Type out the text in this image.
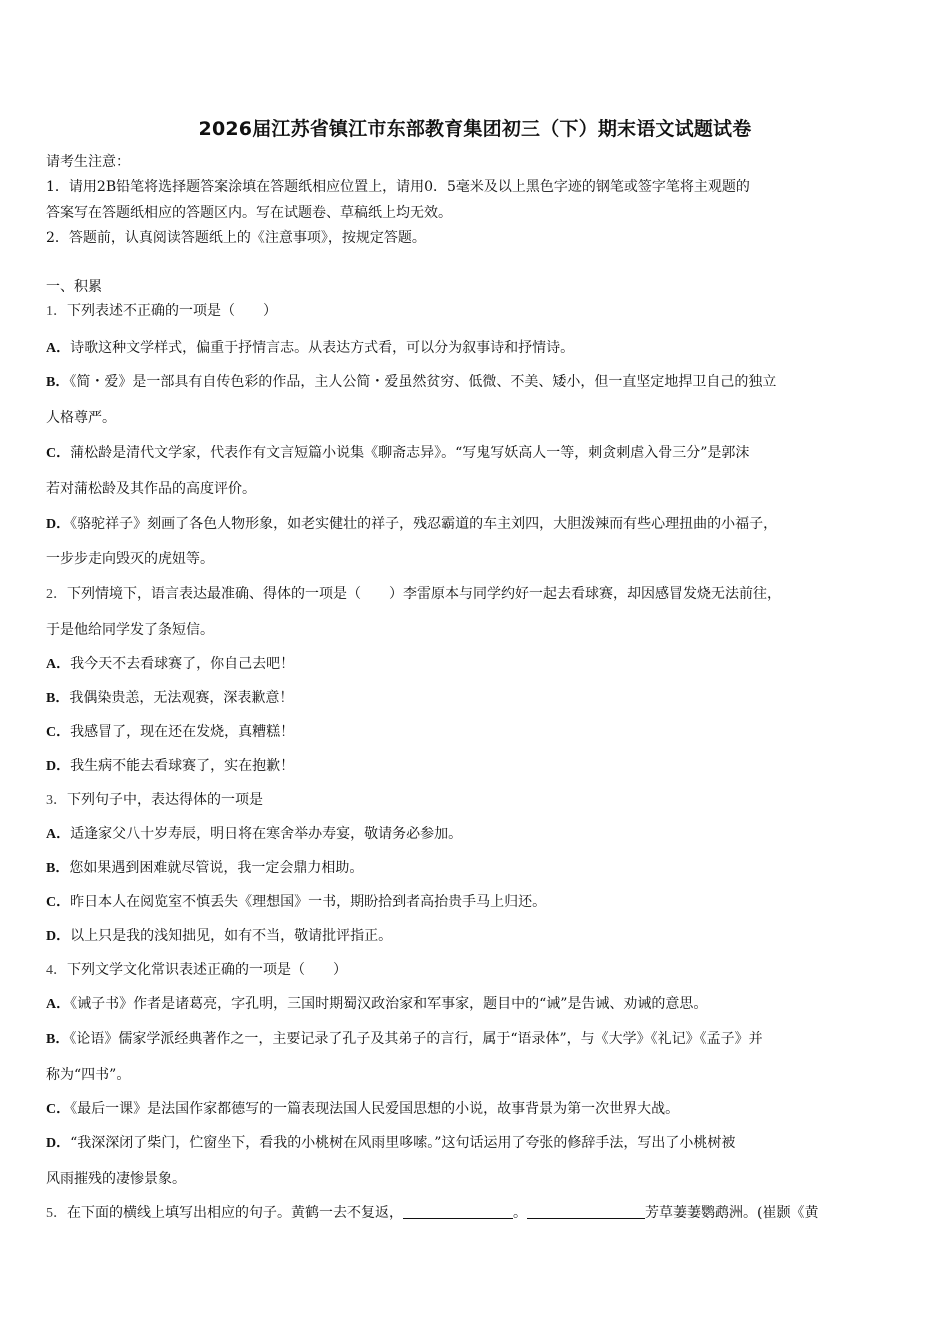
2026届江苏省镇江市东部教育集团初三（下）期末语文试题试卷
请考生注意：
1．请用2B铅笔将选择题答案涂填在答题纸相应位置上，请用0．5毫米及以上黑色字迹的钢笔或签字笔将主观题的
答案写在答题纸相应的答题区内。写在试题卷、草稿纸上均无效。
2．答题前，认真阅读答题纸上的《注意事项》，按规定答题。
一、积累
1．下列表述不正确的一项是（　　）
A．诗歌这种文学样式，偏重于抒情言志。从表达方式看，可以分为叙事诗和抒情诗。
B．《简・爱》是一部具有自传色彩的作品，主人公简・爱虽然贫穷、低微、不美、矮小，但一直坚定地捍卫自己的独立
人格尊严。
C．蒲松龄是清代文学家，代表作有文言短篇小说集《聊斋志异》。“写鬼写妖高人一等，刺贪刺虐入骨三分”是郭沫
若对蒲松龄及其作品的高度评价。
D．《骆驼祥子》刻画了各色人物形象，如老实健壮的祥子，残忍霸道的车主刘四，大胆泼辣而有些心理扭曲的小福子，
一步步走向毁灭的虎妞等。
2．下列情境下，语言表达最准确、得体的一项是（　　）李雷原本与同学约好一起去看球赛，却因感冒发烧无法前往，
于是他给同学发了条短信。
A．我今天不去看球赛了，你自己去吧！
B．我偶染贵恙，无法观赛，深表歉意！
C．我感冒了，现在还在发烧，真糟糕！
D．我生病不能去看球赛了，实在抱歉！
3．下列句子中，表达得体的一项是
A．适逢家父八十岁寿辰，明日将在寒舍举办寿宴，敬请务必参加。
B．您如果遇到困难就尽管说，我一定会鼎力相助。
C．昨日本人在阅览室不慎丢失《理想国》一书，期盼拾到者高抬贵手马上归还。
D．以上只是我的浅知拙见，如有不当，敬请批评指正。
4．下列文学文化常识表述正确的一项是（　　）
A．《诫子书》作者是诸葛亮，字孔明，三国时期蜀汉政治家和军事家，题目中的“诫”是告诫、劝诫的意思。
B．《论语》儒家学派经典著作之一，主要记录了孔子及其弟子的言行，属于“语录体”，与《大学》《礼记》《孟子》并
称为“四书”。
C．《最后一课》是法国作家都德写的一篇表现法国人民爱国思想的小说，故事背景为第一次世界大战。
D．“我深深闭了柴门，伫窗坐下，看我的小桃树在风雨里哆嗦。”这句话运用了夸张的修辞手法，写出了小桃树被
风雨摧残的凄惨景象。
5．在下面的横线上填写出相应的句子。黄鹤一去不复返，	。	芳草萋萋鹦鹉洲。(崔颢《黄
